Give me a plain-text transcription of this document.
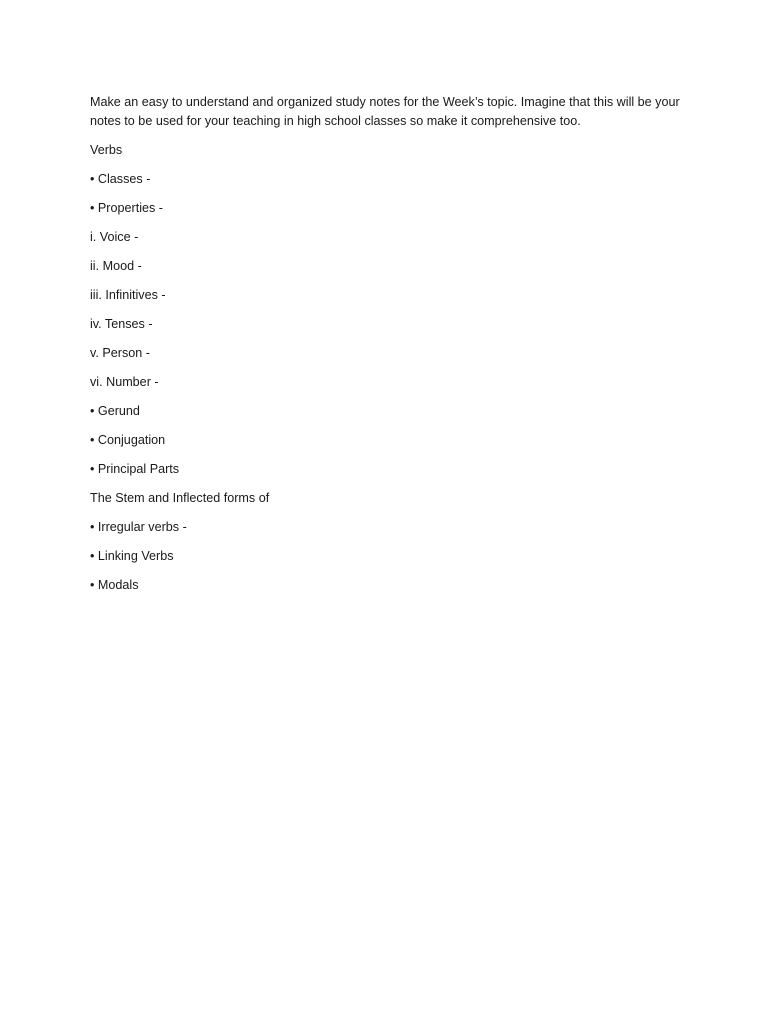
Make an easy to understand and organized study notes for the Week’s topic. Imagine that this will be your notes to be used for your teaching in high school classes so make it comprehensive too.

Verbs
• Classes -
• Properties -
i. Voice -
ii. Mood -
iii. Infinitives -
iv. Tenses -
v. Person -
vi. Number -
• Gerund
• Conjugation
• Principal Parts
The Stem and Inflected forms of
• Irregular verbs -
• Linking Verbs
• Modals
